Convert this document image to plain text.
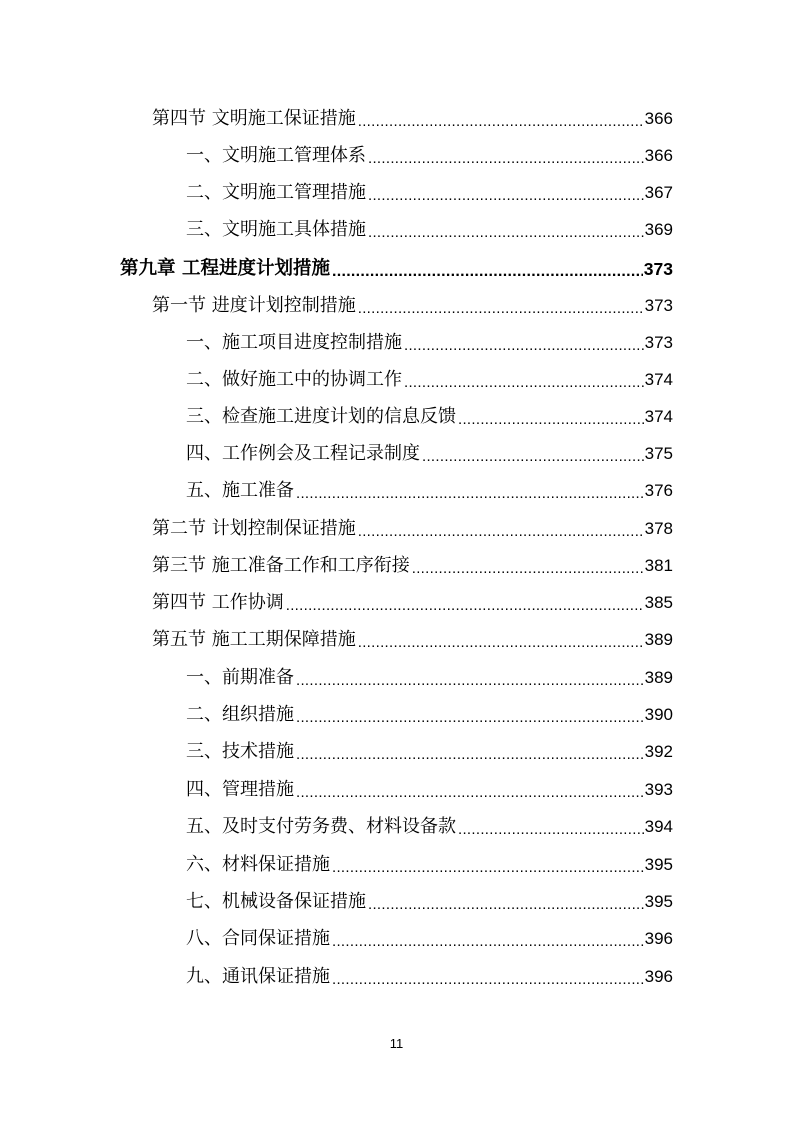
第四节 文明施工保证措施 .....	366
一、文明施工管理体系 .....	366
二、文明施工管理措施 .....	367
三、文明施工具体措施 .....	369
第九章 工程进度计划措施 .....	373
第一节 进度计划控制措施 .....	373
一、施工项目进度控制措施 .....	373
二、做好施工中的协调工作 .....	374
三、检查施工进度计划的信息反馈 .....	374
四、工作例会及工程记录制度 .....	375
五、施工准备 .....	376
第二节 计划控制保证措施 .....	378
第三节 施工准备工作和工序衔接 .....	381
第四节 工作协调 .....	385
第五节 施工工期保障措施 .....	389
一、前期准备 .....	389
二、组织措施 .....	390
三、技术措施 .....	392
四、管理措施 .....	393
五、及时支付劳务费、材料设备款 .....	394
六、材料保证措施 .....	395
七、机械设备保证措施 .....	395
八、合同保证措施 .....	396
九、通讯保证措施 .....	396
11
